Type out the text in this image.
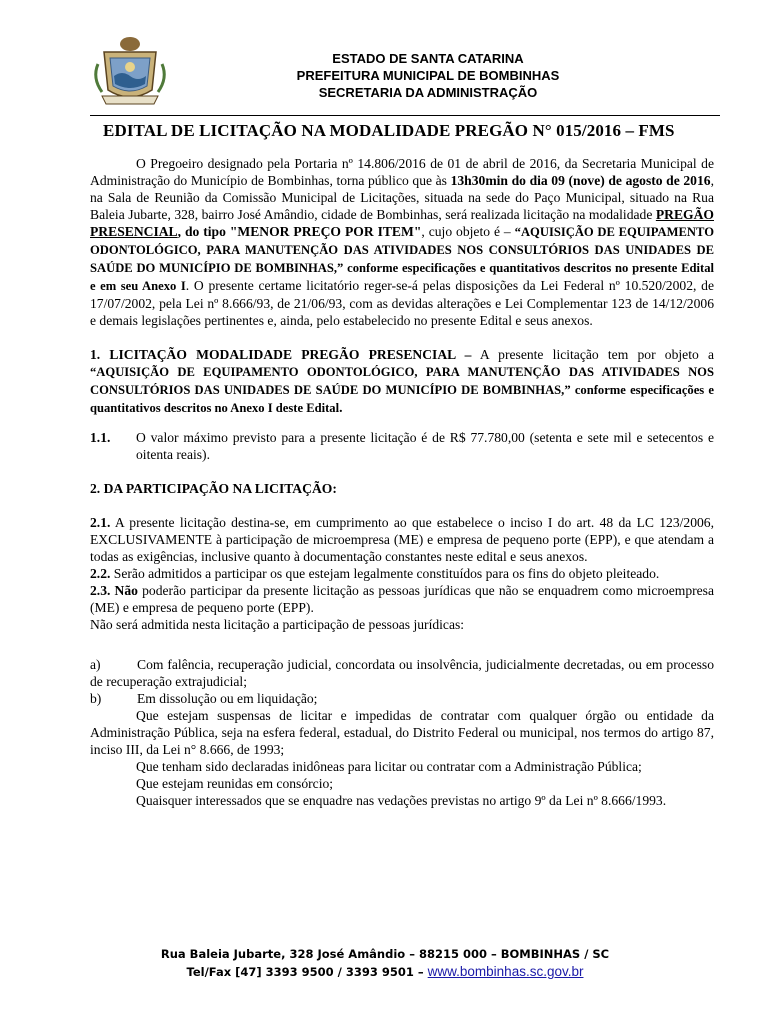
ESTADO DE SANTA CATARINA
PREFEITURA MUNICIPAL DE BOMBINHAS
SECRETARIA DA ADMINISTRAÇÃO
EDITAL DE LICITAÇÃO NA MODALIDADE PREGÃO N° 015/2016 – FMS

O Pregoeiro designado pela Portaria nº 14.806/2016 de 01 de abril de 2016, da Secretaria Municipal de Administração do Município de Bombinhas, torna público que às 13h30min do dia 09 (nove) de agosto de 2016, na Sala de Reunião da Comissão Municipal de Licitações, situada na sede do Paço Municipal, situado na Rua Baleia Jubarte, 328, bairro José Amândio, cidade de Bombinhas, será realizada licitação na modalidade PREGÃO PRESENCIAL, do tipo "MENOR PREÇO POR ITEM", cujo objeto é – “AQUISIÇÃO DE EQUIPAMENTO ODONTOLÓGICO, PARA MANUTENÇÃO DAS ATIVIDADES NOS CONSULTÓRIOS DAS UNIDADES DE SAÚDE DO MUNICÍPIO DE BOMBINHAS,” conforme especificações e quantitativos descritos no presente Edital e em seu Anexo I. O presente certame licitatório reger-se-á pelas disposições da Lei Federal nº 10.520/2002, de 17/07/2002, pela Lei nº 8.666/93, de 21/06/93, com as devidas alterações e Lei Complementar 123 de 14/12/2006 e demais legislações pertinentes e, ainda, pelo estabelecido no presente Edital e seus anexos.

1. LICITAÇÃO MODALIDADE PREGÃO PRESENCIAL – A presente licitação tem por objeto a “AQUISIÇÃO DE EQUIPAMENTO ODONTOLÓGICO, PARA MANUTENÇÃO DAS ATIVIDADES NOS CONSULTÓRIOS DAS UNIDADES DE SAÚDE DO MUNICÍPIO DE BOMBINHAS,” conforme especificações e quantitativos descritos no Anexo I deste Edital.

1.1.	O valor máximo previsto para a presente licitação é de R$ 77.780,00 (setenta e sete mil e setecentos e oitenta reais).

2. DA PARTICIPAÇÃO NA LICITAÇÃO:

2.1. A presente licitação destina-se, em cumprimento ao que estabelece o inciso I do art. 48 da LC 123/2006, EXCLUSIVAMENTE à participação de microempresa (ME) e empresa de pequeno porte (EPP), e que atendam a todas as exigências, inclusive quanto à documentação constantes neste edital e seus anexos.

2.2. Serão admitidos a participar os que estejam legalmente constituídos para os fins do objeto pleiteado.

2.3. Não poderão participar da presente licitação as pessoas jurídicas que não se enquadrem como microempresa (ME) e empresa de pequeno porte (EPP).

Não será admitida nesta licitação a participação de pessoas jurídicas:

a)	Com falência, recuperação judicial, concordata ou insolvência, judicialmente decretadas, ou em processo de recuperação extrajudicial;

b)	Em dissolução ou em liquidação;

Que estejam suspensas de licitar e impedidas de contratar com qualquer órgão ou entidade da Administração Pública, seja na esfera federal, estadual, do Distrito Federal ou municipal, nos termos do artigo 87, inciso III, da Lei n° 8.666, de 1993;

Que tenham sido declaradas inidôneas para licitar ou contratar com a Administração Pública;

Que estejam reunidas em consórcio;

Quaisquer interessados que se enquadre nas vedações previstas no artigo 9º da Lei nº 8.666/1993.

Rua Baleia Jubarte, 328 José Amândio – 88215 000 – BOMBINHAS / SC
Tel/Fax [47] 3393 9500 / 3393 9501 – www.bombinhas.sc.gov.br
